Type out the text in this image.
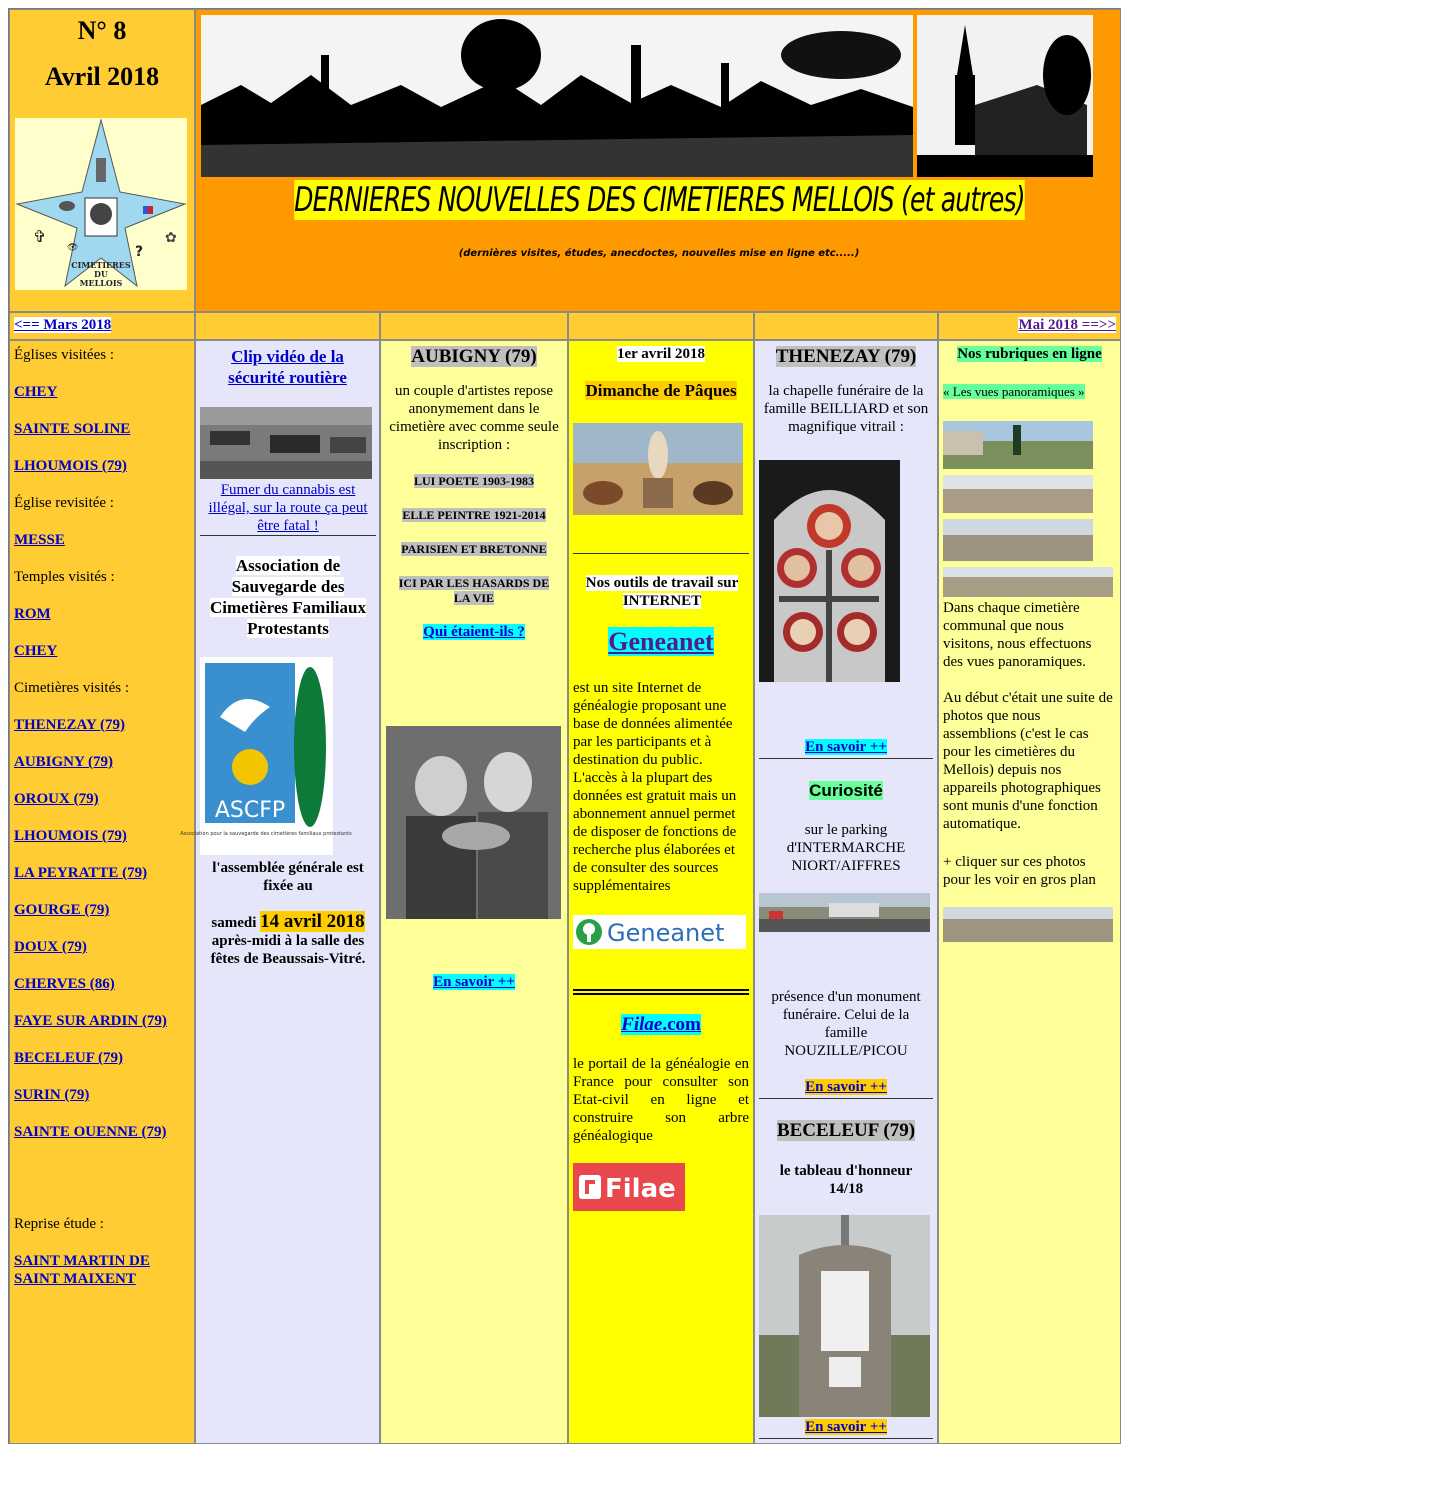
N° 8
Avril 2018
✞
?
✿
👁
CIMETIERES
DU
MELLOIS
DERNIERES NOUVELLES DES CIMETIERES MELLOIS (et autres)
(dernières visites, études, anecdoctes, nouvelles mise en ligne etc.....)
<== Mars 2018	Mai 2018 ==>>

Églises visitées :

CHEY
SAINTE SOLINE
LHOUMOIS (79)

Église revisitée :

MESSE

Temples visités :

ROM
CHEY

Cimetières visités :

THENEZAY (79)
AUBIGNY (79)
OROUX (79)
LHOUMOIS (79)
LA PEYRATTE (79)
GOURGE (79)
DOUX (79)
CHERVES (86)
FAYE SUR ARDIN (79)
BECELEUF (79)
SURIN (79)
SAINTE OUENNE (79)

Reprise étude :

SAINT MARTIN DE SAINT MAIXENT
Clip vidéo de la sécurité routière
Fumer du cannabis est illégal, sur la route ça peut être fatal !
Association de Sauvegarde des Cimetières Familiaux Protestants
ASCFP
Association pour la sauvegarde des cimetières familiaux protestants
l'assemblée générale est fixée au
samedi 14 avril 2018
après-midi à la salle des fêtes de Beaussais-Vitré.
AUBIGNY (79)
un couple d'artistes repose anonymement dans le cimetière avec comme seule inscription :
LUI POETE 1903-1983
ELLE PEINTRE 1921-2014
PARISIEN ET BRETONNE
ICI PAR LES HASARDS DE LA VIE
Qui étaient-ils ?
En savoir ++
1er avril 2018
Dimanche de Pâques
Nos outils de travail sur INTERNET
Geneanet
est un site Internet de généalogie proposant une base de données alimentée par les participants et à destination du public. L'accès à la plupart des données est gratuit mais un abonnement annuel permet de disposer de fonctions de recherche plus élaborées et de consulter des sources supplémentaires
Geneanet
Filae.com
le portail de la généalogie en France pour consulter son Etat-civil en ligne et construire son arbre généalogique
Filae
THENEZAY (79)
la chapelle funéraire de la famille BEILLIARD et son magnifique vitrail :
En savoir ++
Curiosité
sur le parking d'INTERMARCHE NIORT/AIFFRES
présence d'un monument funéraire. Celui de la famille NOUZILLE/PICOU
En savoir ++
BECELEUF (79)
le tableau d'honneur 14/18
En savoir ++
Nos rubriques en ligne
« Les vues panoramiques »
Dans chaque cimetière communal que nous visitons, nous effectuons des vues panoramiques.
Au début c'était une suite de photos que nous assemblions (c'est le cas pour les cimetières du Mellois) depuis nos appareils photographiques sont munis d'une fonction automatique.
+ cliquer sur ces photos pour les voir en gros plan
